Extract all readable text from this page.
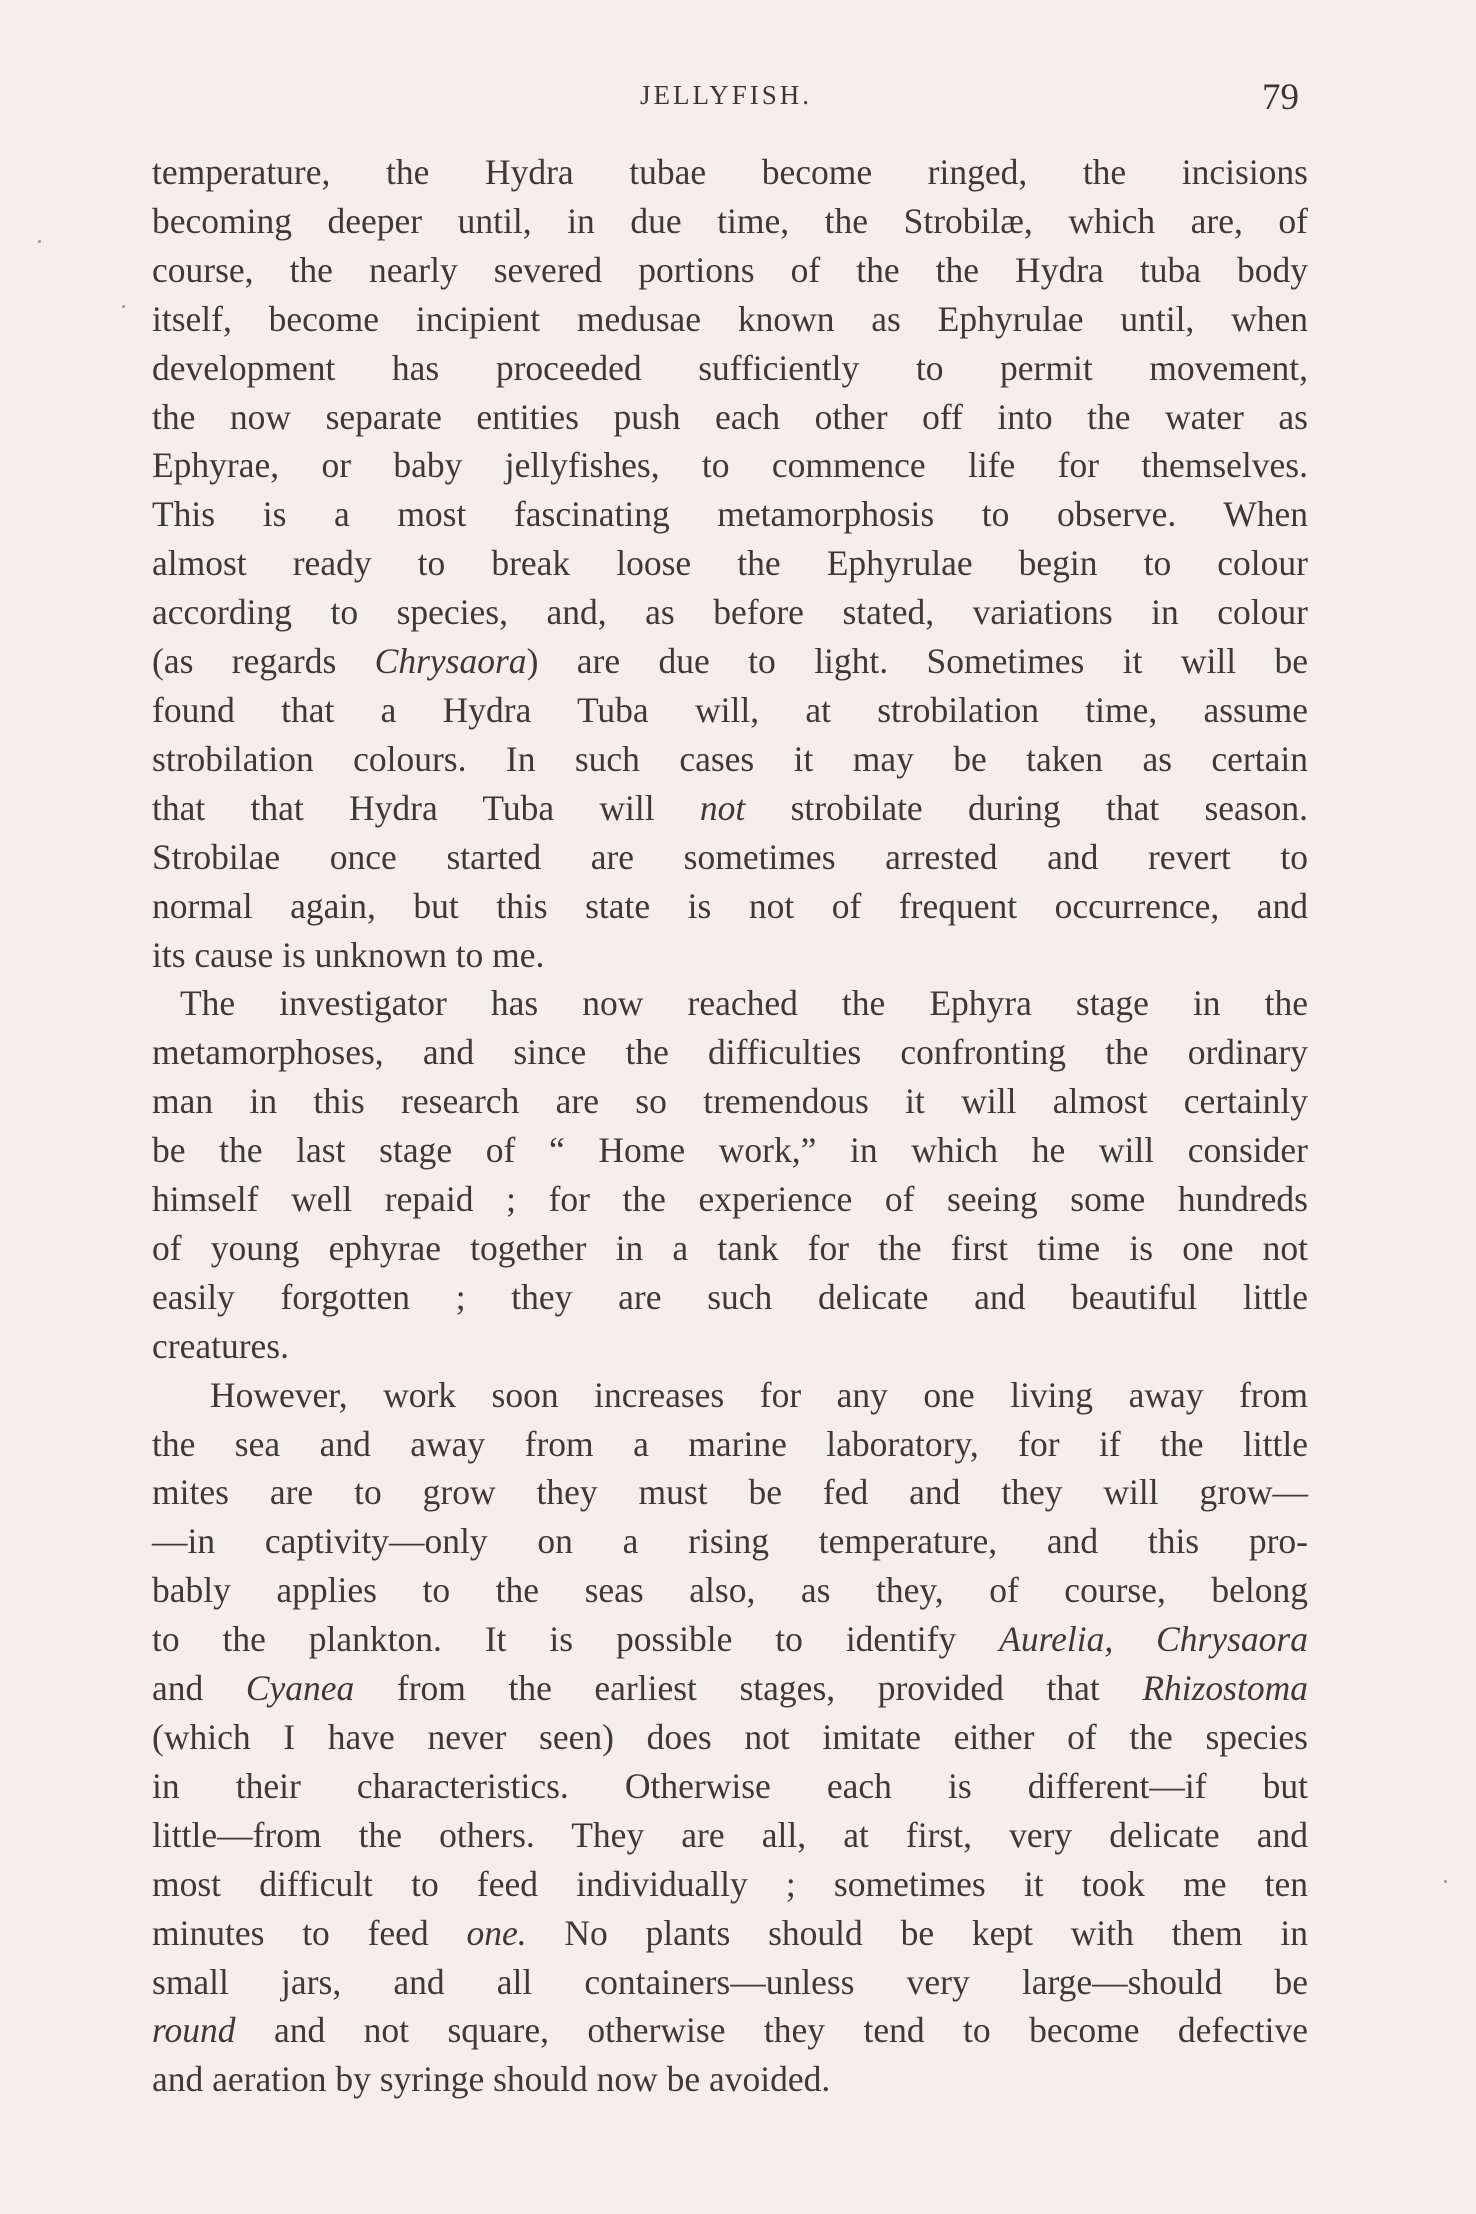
JELLYFISH.	79
temperature, the Hydra tubae become ringed, the incisions
becoming deeper until, in due time, the Strobilæ, which are, of
course, the nearly severed portions of the the Hydra tuba body
itself, become incipient medusae known as Ephyrulae until, when
development has proceeded sufficiently to permit movement,
the now separate entities push each other off into the water as
Ephyrae, or baby jellyfishes, to commence life for themselves.
This is a most fascinating metamorphosis to observe. When
almost ready to break loose the Ephyrulae begin to colour
according to species, and, as before stated, variations in colour
(as regards Chrysaora) are due to light. Sometimes it will be
found that a Hydra Tuba will, at strobilation time, assume
strobilation colours. In such cases it may be taken as certain
that that Hydra Tuba will not strobilate during that season.
Strobilae once started are sometimes arrested and revert to
normal again, but this state is not of frequent occurrence, and
its cause is unknown to me.
The investigator has now reached the Ephyra stage in the
metamorphoses, and since the difficulties confronting the ordinary
man in this research are so tremendous it will almost certainly
be the last stage of “ Home work,” in which he will consider
himself well repaid ; for the experience of seeing some hundreds
of young ephyrae together in a tank for the first time is one not
easily forgotten ; they are such delicate and beautiful little
creatures.
However, work soon increases for any one living away from
the sea and away from a marine laboratory, for if the little
mites are to grow they must be fed and they will grow—
—in captivity—only on a rising temperature, and this pro-
bably applies to the seas also, as they, of course, belong
to the plankton. It is possible to identify Aurelia, Chrysaora
and Cyanea from the earliest stages, provided that Rhizostoma
(which I have never seen) does not imitate either of the species
in their characteristics. Otherwise each is different—if but
little—from the others. They are all, at first, very delicate and
most difficult to feed individually ; sometimes it took me ten
minutes to feed one. No plants should be kept with them in
small jars, and all containers—unless very large—should be
round and not square, otherwise they tend to become defective
and aeration by syringe should now be avoided.
